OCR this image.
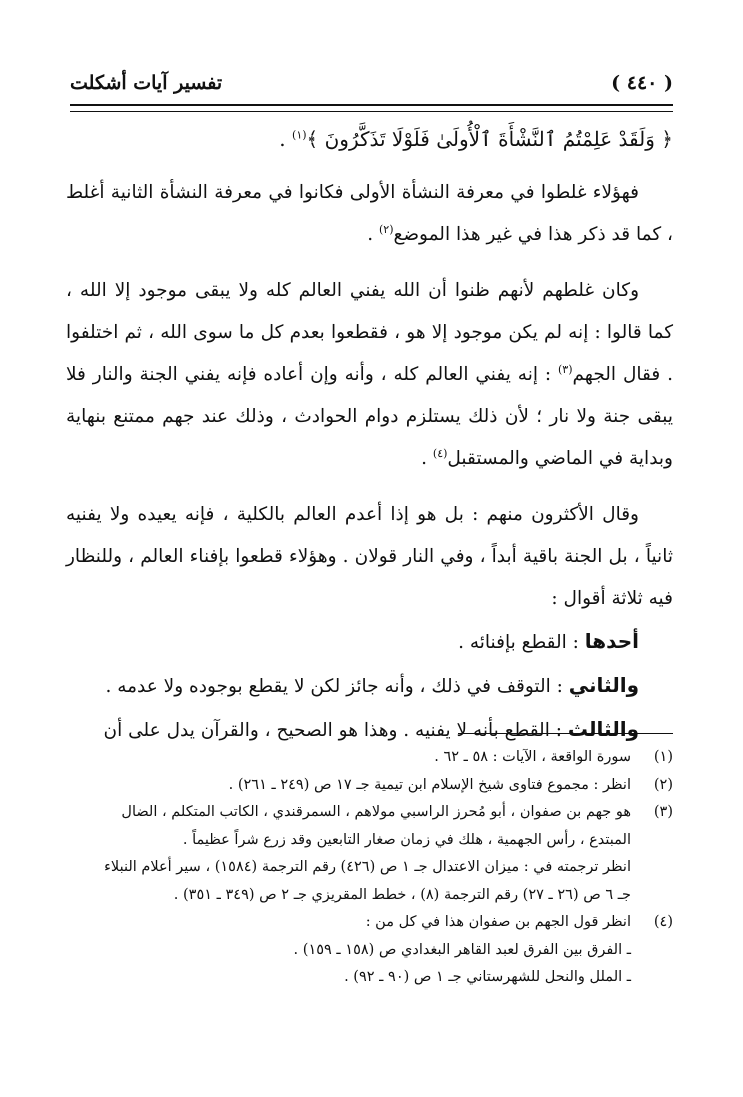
( ٤٤٠ )
تفسير آيات أشكلت

﴿ وَلَقَدْ عَلِمْتُمُ ٱلنَّشْأَةَ ٱلْأُولَىٰ فَلَوْلَا تَذَكَّرُونَ ﴾$^{(١)}$ .

فهؤلاء غلطوا في معرفة النشأة الأولى فكانوا في معرفة النشأة الثانية أغلط ، كما قد ذكر هذا في غير هذا الموضع$^{(٢)}$ .

وكان غلطهم لأنهم ظنوا أن الله يفني العالم كله ولا يبقى موجود إلا الله ، كما قالوا : إنه لم يكن موجود إلا هو ، فقطعوا بعدم كل ما سوى الله ، ثم اختلفوا . فقال الجهم$^{(٣)}$ : إنه يفني العالم كله ، وأنه وإن أعاده فإنه يفني الجنة والنار فلا يبقى جنة ولا نار ؛ لأن ذلك يستلزم دوام الحوادث ، وذلك عند جهم ممتنع بنهاية وبداية في الماضي والمستقبل$^{(٤)}$ .

وقال الأكثرون منهم : بل هو إذا أعدم العالم بالكلية ، فإنه يعيده ولا يفنيه ثانياً ، بل الجنة باقية أبداً ، وفي النار قولان . وهؤلاء قطعوا بإفناء العالم ، وللنظار فيه ثلاثة أقوال :

أحدها : القطع بإفنائه .

والثاني : التوقف في ذلك ، وأنه جائز لكن لا يقطع بوجوده ولا عدمه .

والثالث : القطع بأنه لا يفنيه . وهذا هو الصحيح ، والقرآن يدل على أن

(١)
سورة الواقعة ، الآيات : ٥٨ ـ ٦٢ .

(٢)
انظر : مجموع فتاوى شيخ الإسلام ابن تيمية جـ ١٧ ص (٢٤٩ ـ ٢٦١) .

(٣)
هو جهم بن صفوان ، أبو مُحرز الراسبي مولاهم ، السمرقندي ، الكاتب المتكلم ، الضال

المبتدع ، رأس الجهمية ، هلك في زمان صغار التابعين وقد زرع شراً عظيماً .

انظر ترجمته في : ميزان الاعتدال جـ ١ ص (٤٢٦) رقم الترجمة (١٥٨٤) ، سير أعلام النبلاء

جـ ٦ ص (٢٦ ـ ٢٧) رقم الترجمة (٨) ، خطط المقريزي جـ ٢ ص (٣٤٩ ـ ٣٥١) .

(٤)
انظر قول الجهم بن صفوان هذا في كل من :

ـ الفرق بين الفرق لعبد القاهر البغدادي ص (١٥٨ ـ ١٥٩) .

ـ الملل والنحل للشهرستاني جـ ١ ص (٩٠ ـ ٩٢) .
